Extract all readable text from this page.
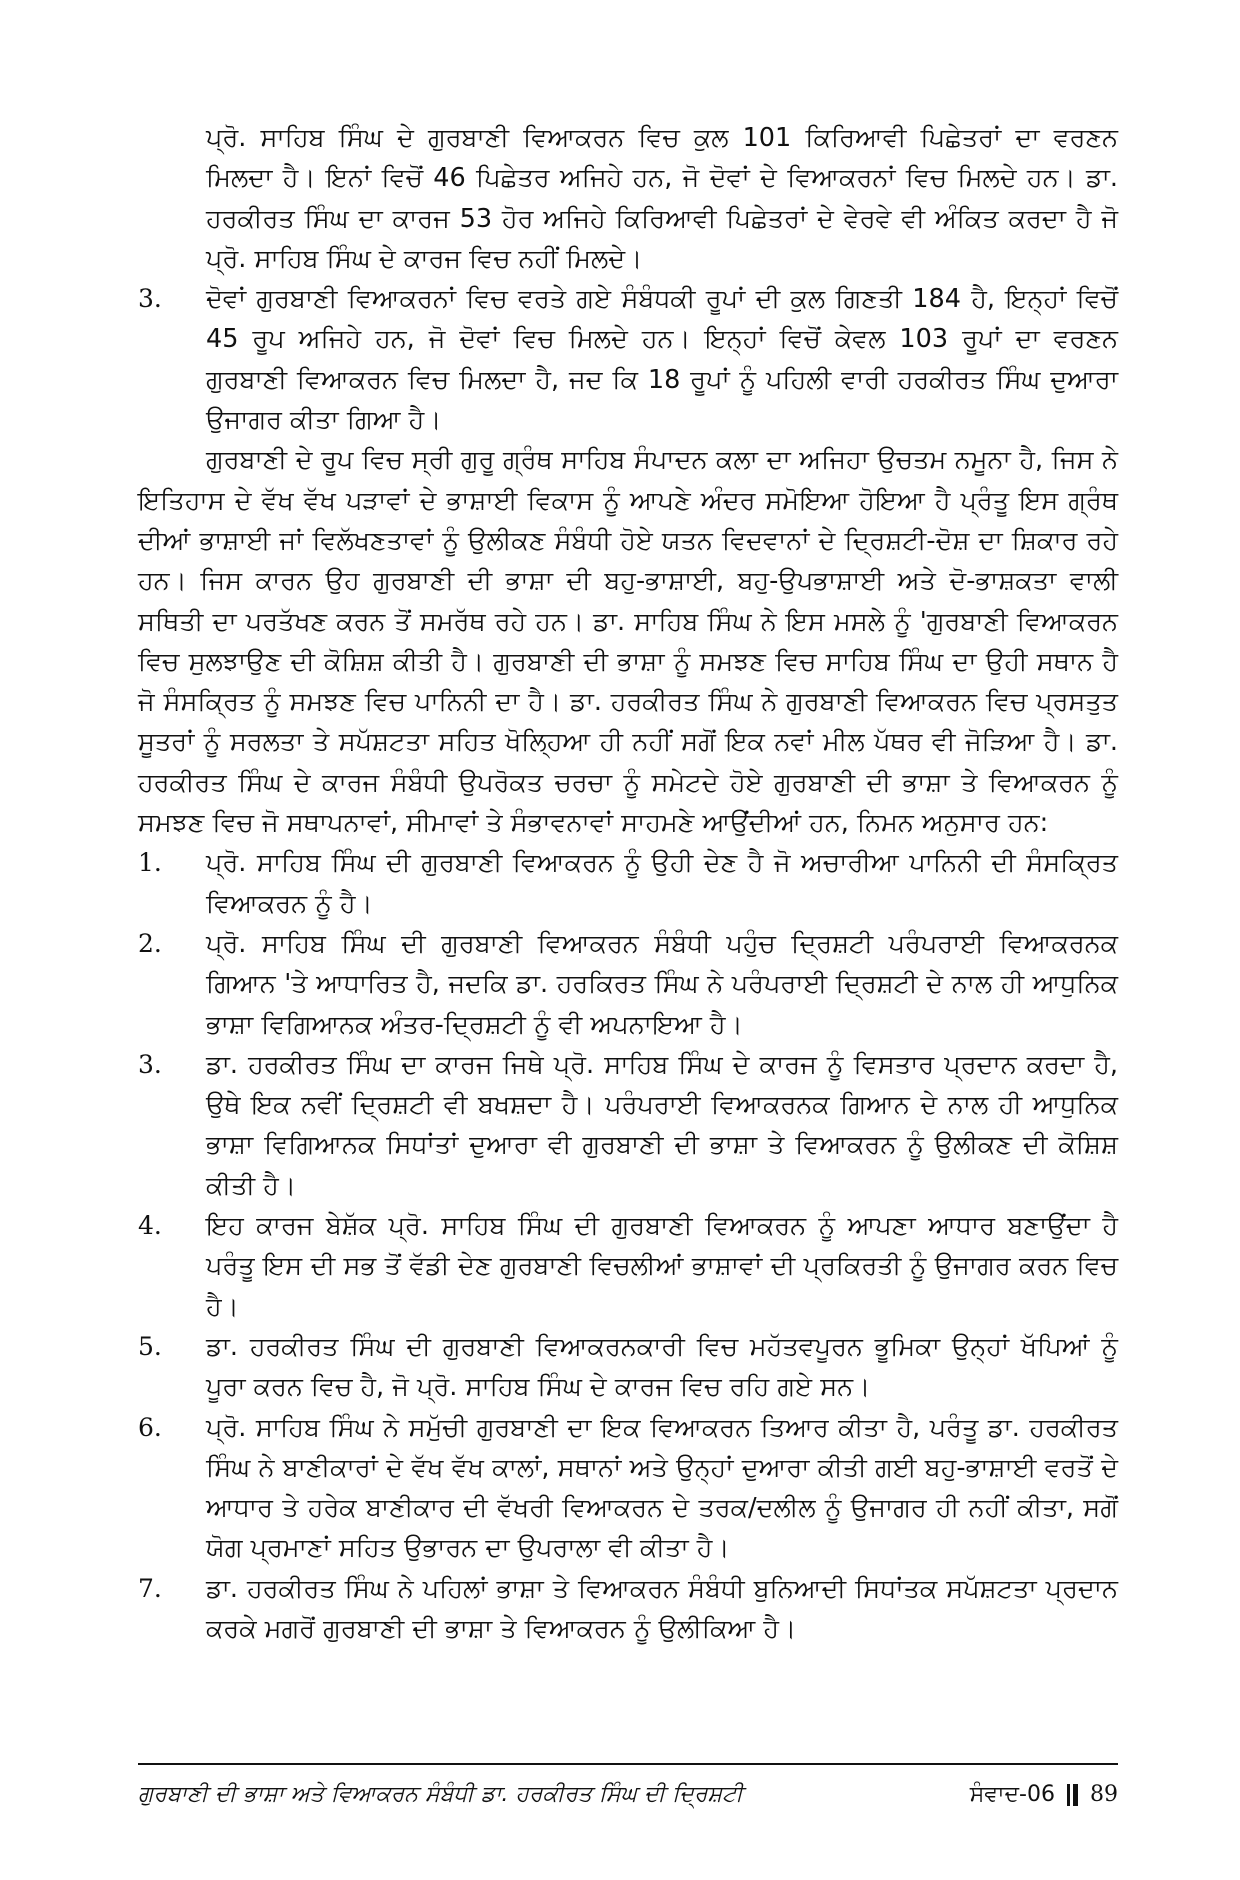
ਪ੍ਰੋ. ਸਾਹਿਬ ਸਿੰਘ ਦੇ ਗੁਰਬਾਣੀ ਵਿਆਕਰਨ ਵਿਚ ਕੁਲ 101 ਕਿਰਿਆਵੀ ਪਿਛੇਤਰਾਂ ਦਾ ਵਰਣਨ ਮਿਲਦਾ ਹੈ। ਇਨਾਂ ਵਿਚੋਂ 46 ਪਿਛੇਤਰ ਅਜਿਹੇ ਹਨ, ਜੋ ਦੋਵਾਂ ਦੇ ਵਿਆਕਰਨਾਂ ਵਿਚ ਮਿਲਦੇ ਹਨ। ਡਾ. ਹਰਕੀਰਤ ਸਿੰਘ ਦਾ ਕਾਰਜ 53 ਹੋਰ ਅਜਿਹੇ ਕਿਰਿਆਵੀ ਪਿਛੇਤਰਾਂ ਦੇ ਵੇਰਵੇ ਵੀ ਅੰਕਿਤ ਕਰਦਾ ਹੈ ਜੋ ਪ੍ਰੋ. ਸਾਹਿਬ ਸਿੰਘ ਦੇ ਕਾਰਜ ਵਿਚ ਨਹੀਂ ਮਿਲਦੇ।

3.	ਦੋਵਾਂ ਗੁਰਬਾਣੀ ਵਿਆਕਰਨਾਂ ਵਿਚ ਵਰਤੇ ਗਏ ਸੰਬੰਧਕੀ ਰੂਪਾਂ ਦੀ ਕੁਲ ਗਿਣਤੀ 184 ਹੈ, ਇਨ੍ਹਾਂ ਵਿਚੋਂ 45 ਰੂਪ ਅਜਿਹੇ ਹਨ, ਜੋ ਦੋਵਾਂ ਵਿਚ ਮਿਲਦੇ ਹਨ। ਇਨ੍ਹਾਂ ਵਿਚੋਂ ਕੇਵਲ 103 ਰੂਪਾਂ ਦਾ ਵਰਣਨ ਗੁਰਬਾਣੀ ਵਿਆਕਰਨ ਵਿਚ ਮਿਲਦਾ ਹੈ, ਜਦ ਕਿ 18 ਰੂਪਾਂ ਨੂੰ ਪਹਿਲੀ ਵਾਰੀ ਹਰਕੀਰਤ ਸਿੰਘ ਦੁਆਰਾ ਉਜਾਗਰ ਕੀਤਾ ਗਿਆ ਹੈ।

ਗੁਰਬਾਣੀ ਦੇ ਰੂਪ ਵਿਚ ਸ੍ਰੀ ਗੁਰੂ ਗ੍ਰੰਥ ਸਾਹਿਬ ਸੰਪਾਦਨ ਕਲਾ ਦਾ ਅਜਿਹਾ ਉਚਤਮ ਨਮੂਨਾ ਹੈ, ਜਿਸ ਨੇ ਇਤਿਹਾਸ ਦੇ ਵੱਖ ਵੱਖ ਪੜਾਵਾਂ ਦੇ ਭਾਸ਼ਾਈ ਵਿਕਾਸ ਨੂੰ ਆਪਣੇ ਅੰਦਰ ਸਮੋਇਆ ਹੋਇਆ ਹੈ ਪ੍ਰੰਤੂ ਇਸ ਗ੍ਰੰਥ ਦੀਆਂ ਭਾਸ਼ਾਈ ਜਾਂ ਵਿਲੱਖਣਤਾਵਾਂ ਨੂੰ ਉਲੀਕਣ ਸੰਬੰਧੀ ਹੋਏ ਯਤਨ ਵਿਦਵਾਨਾਂ ਦੇ ਦ੍ਰਿਸ਼ਟੀ-ਦੋਸ਼ ਦਾ ਸ਼ਿਕਾਰ ਰਹੇ ਹਨ। ਜਿਸ ਕਾਰਨ ਉਹ ਗੁਰਬਾਣੀ ਦੀ ਭਾਸ਼ਾ ਦੀ ਬਹੁ-ਭਾਸ਼ਾਈ, ਬਹੁ-ਉਪਭਾਸ਼ਾਈ ਅਤੇ ਦੋ-ਭਾਸ਼ਕਤਾ ਵਾਲੀ ਸਥਿਤੀ ਦਾ ਪਰਤੱਖਣ ਕਰਨ ਤੋਂ ਸਮਰੱਥ ਰਹੇ ਹਨ। ਡਾ. ਸਾਹਿਬ ਸਿੰਘ ਨੇ ਇਸ ਮਸਲੇ ਨੂੰ 'ਗੁਰਬਾਣੀ ਵਿਆਕਰਨ ਵਿਚ ਸੁਲਝਾਉਣ ਦੀ ਕੋਸ਼ਿਸ਼ ਕੀਤੀ ਹੈ। ਗੁਰਬਾਣੀ ਦੀ ਭਾਸ਼ਾ ਨੂੰ ਸਮਝਣ ਵਿਚ ਸਾਹਿਬ ਸਿੰਘ ਦਾ ਉਹੀ ਸਥਾਨ ਹੈ ਜੋ ਸੰਸਕ੍ਰਿਤ ਨੂੰ ਸਮਝਣ ਵਿਚ ਪਾਨਿਨੀ ਦਾ ਹੈ। ਡਾ. ਹਰਕੀਰਤ ਸਿੰਘ ਨੇ ਗੁਰਬਾਣੀ ਵਿਆਕਰਨ ਵਿਚ ਪ੍ਰਸਤੁਤ ਸੂਤਰਾਂ ਨੂੰ ਸਰਲਤਾ ਤੇ ਸਪੱਸ਼ਟਤਾ ਸਹਿਤ ਖੋਲ੍ਹਿਆ ਹੀ ਨਹੀਂ ਸਗੋਂ ਇਕ ਨਵਾਂ ਮੀਲ ਪੱਥਰ ਵੀ ਜੋੜਿਆ ਹੈ। ਡਾ. ਹਰਕੀਰਤ ਸਿੰਘ ਦੇ ਕਾਰਜ ਸੰਬੰਧੀ ਉਪਰੋਕਤ ਚਰਚਾ ਨੂੰ ਸਮੇਟਦੇ ਹੋਏ ਗੁਰਬਾਣੀ ਦੀ ਭਾਸ਼ਾ ਤੇ ਵਿਆਕਰਨ ਨੂੰ ਸਮਝਣ ਵਿਚ ਜੋ ਸਥਾਪਨਾਵਾਂ, ਸੀਮਾਵਾਂ ਤੇ ਸੰਭਾਵਨਾਵਾਂ ਸਾਹਮਣੇ ਆਉਂਦੀਆਂ ਹਨ, ਨਿਮਨ ਅਨੁਸਾਰ ਹਨ:

1.	ਪ੍ਰੋ. ਸਾਹਿਬ ਸਿੰਘ ਦੀ ਗੁਰਬਾਣੀ ਵਿਆਕਰਨ ਨੂੰ ਉਹੀ ਦੇਣ ਹੈ ਜੋ ਅਚਾਰੀਆ ਪਾਨਿਨੀ ਦੀ ਸੰਸਕ੍ਰਿਤ ਵਿਆਕਰਨ ਨੂੰ ਹੈ।
2.	ਪ੍ਰੋ. ਸਾਹਿਬ ਸਿੰਘ ਦੀ ਗੁਰਬਾਣੀ ਵਿਆਕਰਨ ਸੰਬੰਧੀ ਪਹੁੰਚ ਦ੍ਰਿਸ਼ਟੀ ਪਰੰਪਰਾਈ ਵਿਆਕਰਨਕ ਗਿਆਨ 'ਤੇ ਆਧਾਰਿਤ ਹੈ, ਜਦਕਿ ਡਾ. ਹਰਕਿਰਤ ਸਿੰਘ ਨੇ ਪਰੰਪਰਾਈ ਦ੍ਰਿਸ਼ਟੀ ਦੇ ਨਾਲ ਹੀ ਆਧੁਨਿਕ ਭਾਸ਼ਾ ਵਿਗਿਆਨਕ ਅੰਤਰ-ਦ੍ਰਿਸ਼ਟੀ ਨੂੰ ਵੀ ਅਪਨਾਇਆ ਹੈ।
3.	ਡਾ. ਹਰਕੀਰਤ ਸਿੰਘ ਦਾ ਕਾਰਜ ਜਿਥੇ ਪ੍ਰੋ. ਸਾਹਿਬ ਸਿੰਘ ਦੇ ਕਾਰਜ ਨੂੰ ਵਿਸਤਾਰ ਪ੍ਰਦਾਨ ਕਰਦਾ ਹੈ, ਉਥੇ ਇਕ ਨਵੀਂ ਦ੍ਰਿਸ਼ਟੀ ਵੀ ਬਖਸ਼ਦਾ ਹੈ। ਪਰੰਪਰਾਈ ਵਿਆਕਰਨਕ ਗਿਆਨ ਦੇ ਨਾਲ ਹੀ ਆਧੁਨਿਕ ਭਾਸ਼ਾ ਵਿਗਿਆਨਕ ਸਿਧਾਂਤਾਂ ਦੁਆਰਾ ਵੀ ਗੁਰਬਾਣੀ ਦੀ ਭਾਸ਼ਾ ਤੇ ਵਿਆਕਰਨ ਨੂੰ ਉਲੀਕਣ ਦੀ ਕੋਸ਼ਿਸ਼ ਕੀਤੀ ਹੈ।
4.	ਇਹ ਕਾਰਜ ਬੇਸ਼ੱਕ ਪ੍ਰੋ. ਸਾਹਿਬ ਸਿੰਘ ਦੀ ਗੁਰਬਾਣੀ ਵਿਆਕਰਨ ਨੂੰ ਆਪਣਾ ਆਧਾਰ ਬਣਾਉਂਦਾ ਹੈ ਪਰੰਤੂ ਇਸ ਦੀ ਸਭ ਤੋਂ ਵੱਡੀ ਦੇਣ ਗੁਰਬਾਣੀ ਵਿਚਲੀਆਂ ਭਾਸ਼ਾਵਾਂ ਦੀ ਪ੍ਰਕਿਰਤੀ ਨੂੰ ਉਜਾਗਰ ਕਰਨ ਵਿਚ ਹੈ।
5.	ਡਾ. ਹਰਕੀਰਤ ਸਿੰਘ ਦੀ ਗੁਰਬਾਣੀ ਵਿਆਕਰਨਕਾਰੀ ਵਿਚ ਮਹੱਤਵਪੂਰਨ ਭੂਮਿਕਾ ਉਨ੍ਹਾਂ ਖੱਪਿਆਂ ਨੂੰ ਪੂਰਾ ਕਰਨ ਵਿਚ ਹੈ, ਜੋ ਪ੍ਰੋ. ਸਾਹਿਬ ਸਿੰਘ ਦੇ ਕਾਰਜ ਵਿਚ ਰਹਿ ਗਏ ਸਨ।
6.	ਪ੍ਰੋ. ਸਾਹਿਬ ਸਿੰਘ ਨੇ ਸਮੁੱਚੀ ਗੁਰਬਾਣੀ ਦਾ ਇਕ ਵਿਆਕਰਨ ਤਿਆਰ ਕੀਤਾ ਹੈ, ਪਰੰਤੂ ਡਾ. ਹਰਕੀਰਤ ਸਿੰਘ ਨੇ ਬਾਣੀਕਾਰਾਂ ਦੇ ਵੱਖ ਵੱਖ ਕਾਲਾਂ, ਸਥਾਨਾਂ ਅਤੇ ਉਨ੍ਹਾਂ ਦੁਆਰਾ ਕੀਤੀ ਗਈ ਬਹੁ-ਭਾਸ਼ਾਈ ਵਰਤੋਂ ਦੇ ਆਧਾਰ ਤੇ ਹਰੇਕ ਬਾਣੀਕਾਰ ਦੀ ਵੱਖਰੀ ਵਿਆਕਰਨ ਦੇ ਤਰਕ/ਦਲੀਲ ਨੂੰ ਉਜਾਗਰ ਹੀ ਨਹੀਂ ਕੀਤਾ, ਸਗੋਂ ਯੋਗ ਪ੍ਰਮਾਣਾਂ ਸਹਿਤ ਉਭਾਰਨ ਦਾ ਉਪਰਾਲਾ ਵੀ ਕੀਤਾ ਹੈ।
7.	ਡਾ. ਹਰਕੀਰਤ ਸਿੰਘ ਨੇ ਪਹਿਲਾਂ ਭਾਸ਼ਾ ਤੇ ਵਿਆਕਰਨ ਸੰਬੰਧੀ ਬੁਨਿਆਦੀ ਸਿਧਾਂਤਕ ਸਪੱਸ਼ਟਤਾ ਪ੍ਰਦਾਨ ਕਰਕੇ ਮਗਰੋਂ ਗੁਰਬਾਣੀ ਦੀ ਭਾਸ਼ਾ ਤੇ ਵਿਆਕਰਨ ਨੂੰ ਉਲੀਕਿਆ ਹੈ।
ਗੁਰਬਾਣੀ ਦੀ ਭਾਸ਼ਾ ਅਤੇ ਵਿਆਕਰਨ ਸੰਬੰਧੀ ਡਾ. ਹਰਕੀਰਤ ਸਿੰਘ ਦੀ ਦ੍ਰਿਸ਼ਟੀ	ਸੰਵਾਦ-06 89
